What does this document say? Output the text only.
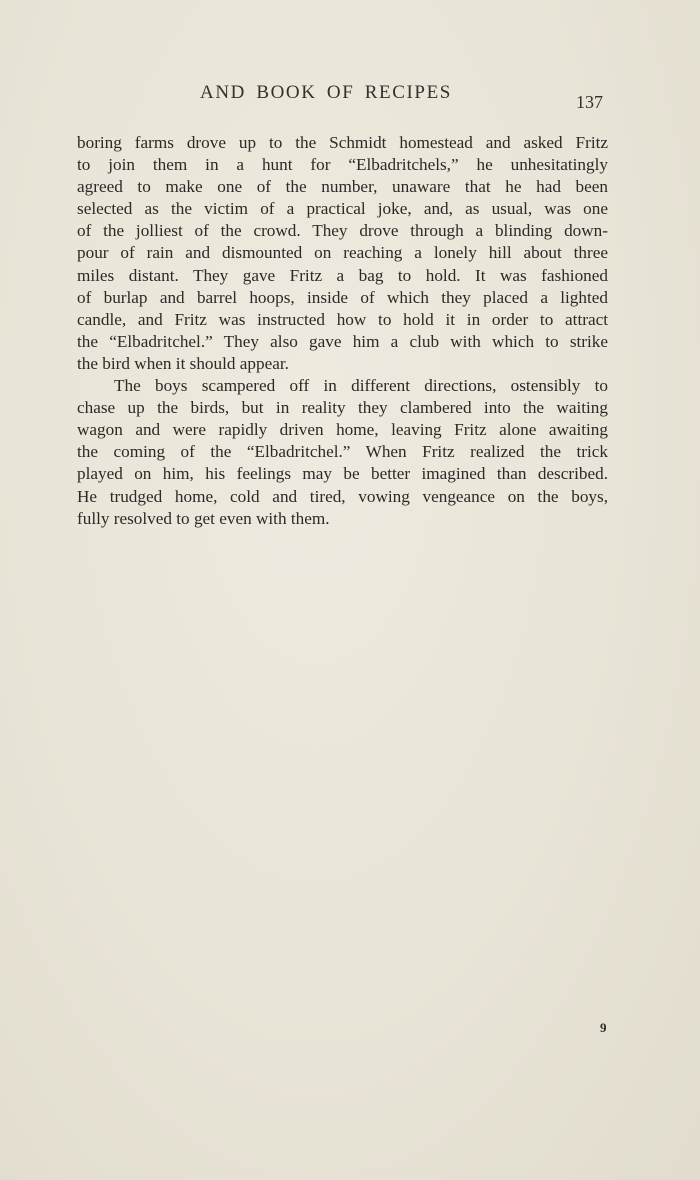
AND BOOK OF RECIPES	137
boring farms drove up to the Schmidt homestead and asked Fritz
to join them in a hunt for “Elbadritchels,” he unhesitatingly
agreed to make one of the number, unaware that he had been
selected as the victim of a practical joke, and, as usual, was one
of the jolliest of the crowd. They drove through a blinding down-
pour of rain and dismounted on reaching a lonely hill about three
miles distant. They gave Fritz a bag to hold. It was fashioned
of burlap and barrel hoops, inside of which they placed a lighted
candle, and Fritz was instructed how to hold it in order to attract
the “Elbadritchel.” They also gave him a club with which to strike
the bird when it should appear.
The boys scampered off in different directions, ostensibly to
chase up the birds, but in reality they clambered into the waiting
wagon and were rapidly driven home, leaving Fritz alone awaiting
the coming of the “Elbadritchel.” When Fritz realized the trick
played on him, his feelings may be better imagined than described.
He trudged home, cold and tired, vowing vengeance on the boys,
fully resolved to get even with them.
9
